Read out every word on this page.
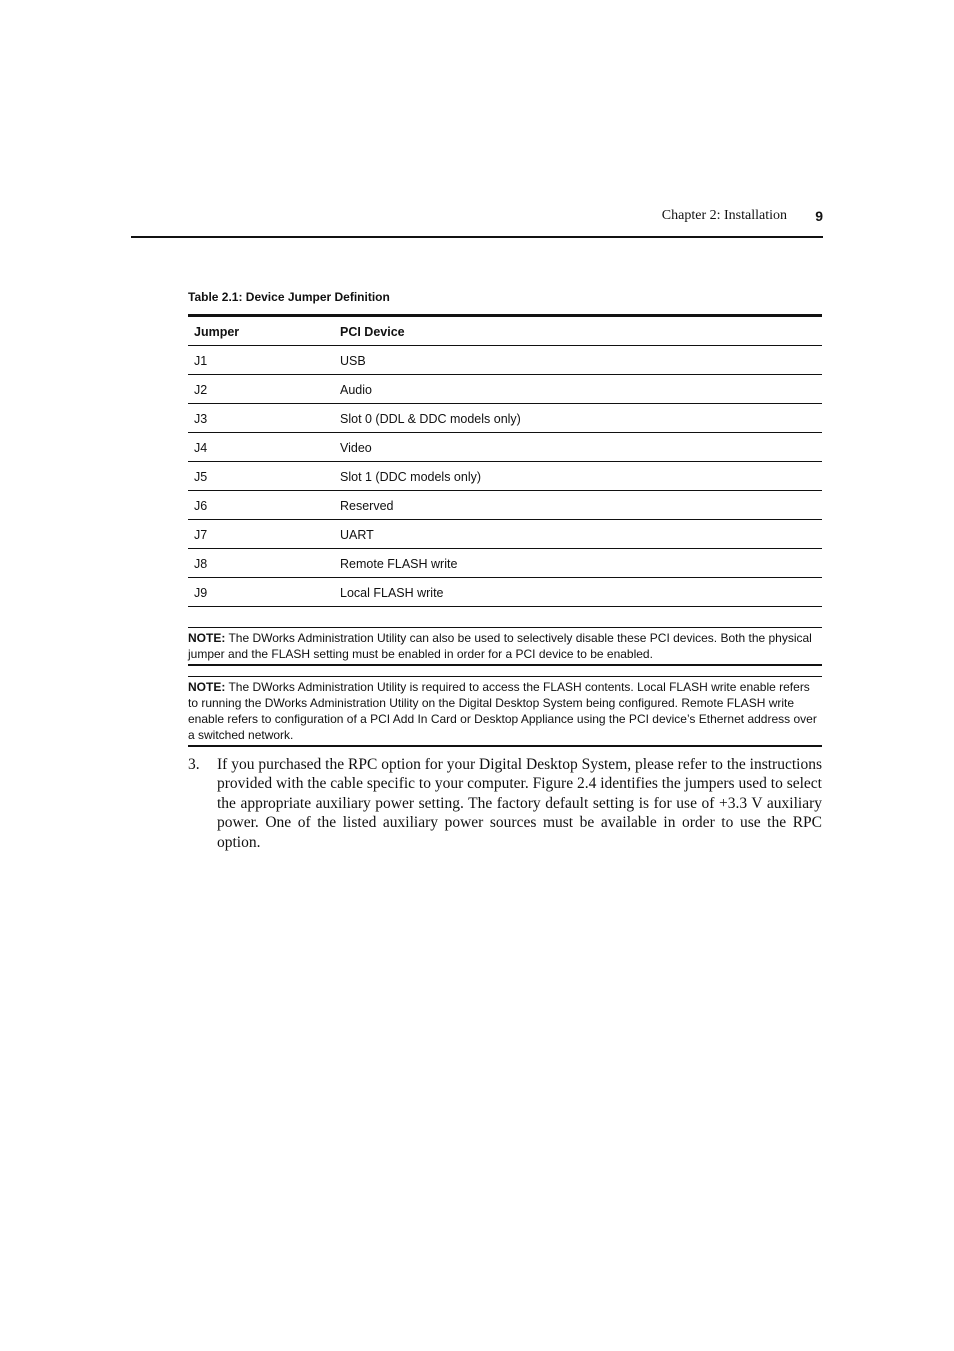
Chapter 2: Installation 9
Table 2.1: Device Jumper Definition
Jumper	PCI Device
J1	USB
J2	Audio
J3	Slot 0 (DDL & DDC models only)
J4	Video
J5	Slot 1 (DDC models only)
J6	Reserved
J7	UART
J8	Remote FLASH write
J9	Local FLASH write
NOTE: The DWorks Administration Utility can also be used to selectively disable these PCI devices. Both the physical jumper and the FLASH setting must be enabled in order for a PCI device to be enabled.
NOTE: The DWorks Administration Utility is required to access the FLASH contents. Local FLASH write enable refers to running the DWorks Administration Utility on the Digital Desktop System being configured. Remote FLASH write enable refers to configuration of a PCI Add In Card or Desktop Appliance using the PCI device’s Ethernet address over a switched network.
3. If you purchased the RPC option for your Digital Desktop System, please refer to the instructions provided with the cable specific to your computer. Figure 2.4 identifies the jumpers used to select the appropriate auxiliary power setting. The factory default setting is for use of +3.3 V auxiliary power. One of the listed auxiliary power sources must be available in order to use the RPC option.
